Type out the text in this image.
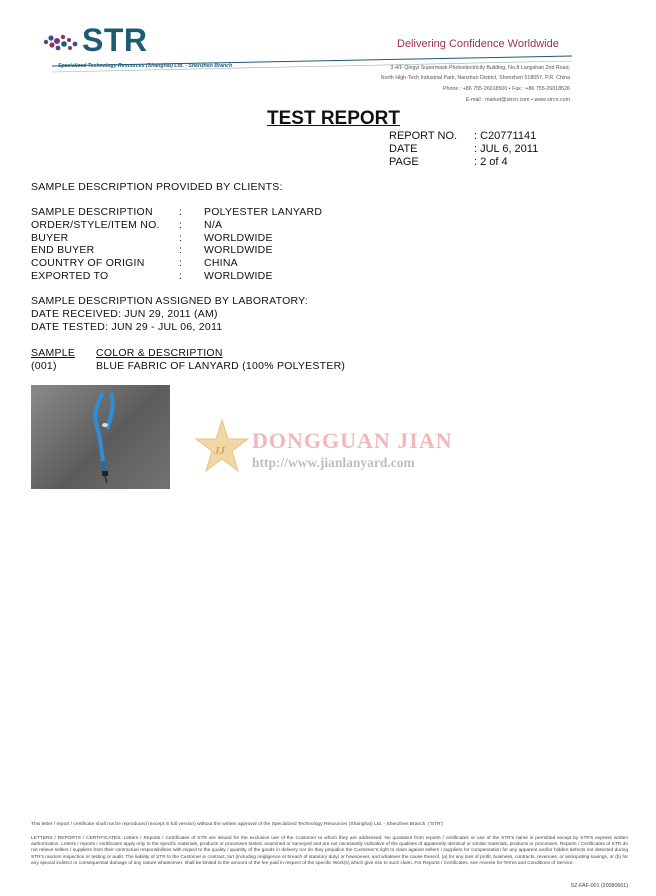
STR
Specialized Technology Resources (Shanghai) Ltd. - Shenzhen Branch
Delivering Confidence Worldwide
3-4/F Qingyi Supermask Photoelectricity Building, No.8 Langshan 2nd Road,
North High-Tech Industrial Park, Nanshan District, Shenzhen 518057, P.R. China
Phone : +86 755-26018500 • Fax : +86 755-26018526
E-mail : market@strcn.com • www.strcn.com
TEST REPORT
REPORT NO.	: C20771141
DATE	: JUL 6, 2011
PAGE	: 2 of 4
SAMPLE DESCRIPTION PROVIDED BY CLIENTS:
SAMPLE DESCRIPTION	:	POLYESTER LANYARD
ORDER/STYLE/ITEM NO.	:	N/A
BUYER	:	WORLDWIDE
END BUYER	:	WORLDWIDE
COUNTRY OF ORIGIN	:	CHINA
EXPORTED TO	:	WORLDWIDE
SAMPLE DESCRIPTION ASSIGNED BY LABORATORY:
DATE RECEIVED: JUN 29, 2011 (AM)
DATE TESTED: JUN 29 - JUL 06, 2011
SAMPLE COLOR & DESCRIPTION
(001)	BLUE FABRIC OF LANYARD (100% POLYESTER)
JJ DONGGUAN JIAN
http://www.jianlanyard.com
This letter / report / certificate shall not be reproduced (except in full version) without the written approval of the Specialized Technology Resources (Shanghai) Ltd. - Shenzhen Branch. ('STR')
LETTERS / REPORTS / CERTIFICATES: Letters / Reports / Certificates of STR are issued for the exclusive use of the Customer to whom they are addressed. No quotation from reports / certificates or use of the STR's name is permitted except by STR's express written authorization. Letters / reports / certificates apply only to the specific materials, products or processes tested, examined or surveyed and are not necessarily indicative of the qualities of apparently identical or similar materials, products or processes. Reports / Certificates of STR do not relieve sellers / suppliers from their contractual responsibilities with regard to the quality / quantity of the goods in delivery nor do they prejudice the Customer's right to claim against sellers / suppliers for compensation for any apparent and/or hidden defects not detected during STR's random inspection or testing or audit. The liability of STR to the Customer in contract, tort (including negligence or breach of statutory duty) or howsoever, and whatever the cause thereof, (a) for any loss of profit, business, contracts, revenues, or anticipating savings, or (b) for any special indirect or consequential damage of any nature whatsoever, shall be limited to the amount of the fee paid in respect of the specific Work(s) which give rise to such claim. For Reports / Certificates, see reverse for Terms and Conditions of Service.
SZ-FAF-001 (20080601)
